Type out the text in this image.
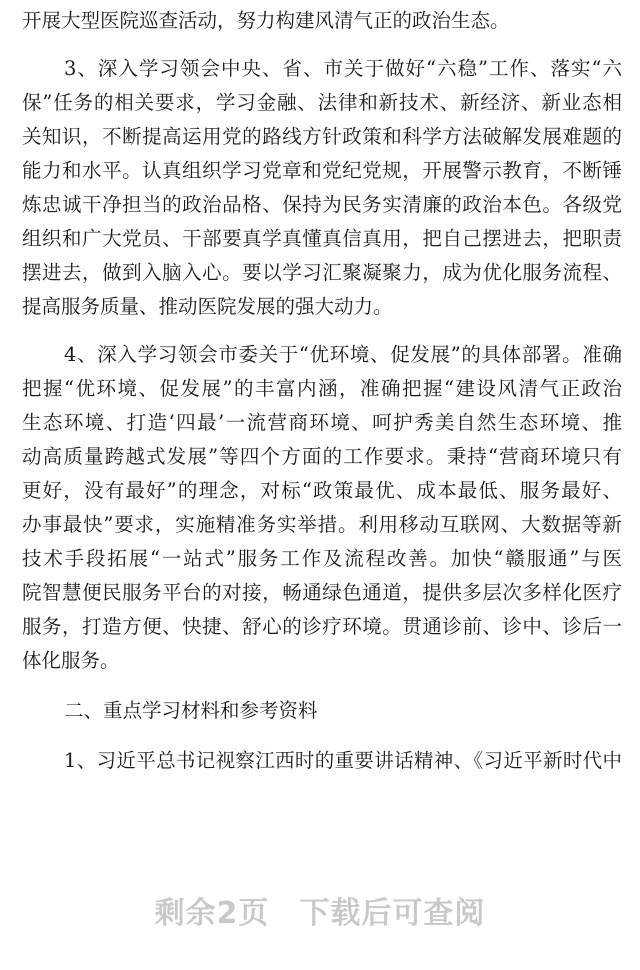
开展大型医院巡查活动，努力构建风清气正的政治生态。
3、深入学习领会中央、省、市关于做好“六稳”工作、落实“六
保”任务的相关要求，学习金融、法律和新技术、新经济、新业态相
关知识，不断提高运用党的路线方针政策和科学方法破解发展难题的
能力和水平。认真组织学习党章和党纪党规，开展警示教育，不断锤
炼忠诚干净担当的政治品格、保持为民务实清廉的政治本色。各级党
组织和广大党员、干部要真学真懂真信真用，把自己摆进去，把职责
摆进去，做到入脑入心。要以学习汇聚凝聚力，成为优化服务流程、
提高服务质量、推动医院发展的强大动力。
4、深入学习领会市委关于“优环境、促发展”的具体部署。准确
把握“优环境、促发展”的丰富内涵，准确把握“建设风清气正政治
生态环境、打造‘四最’一流营商环境、呵护秀美自然生态环境、推
动高质量跨越式发展”等四个方面的工作要求。秉持“营商环境只有
更好，没有最好”的理念，对标“政策最优、成本最低、服务最好、
办事最快”要求，实施精准务实举措。利用移动互联网、大数据等新
技术手段拓展“一站式”服务工作及流程改善。加快“赣服通”与医
院智慧便民服务平台的对接，畅通绿色通道，提供多层次多样化医疗
服务，打造方便、快捷、舒心的诊疗环境。贯通诊前、诊中、诊后一
体化服务。
二、重点学习材料和参考资料
1、习近平总书记视察江西时的重要讲话精神、《习近平新时代中
剩余2页 下载后可查阅
